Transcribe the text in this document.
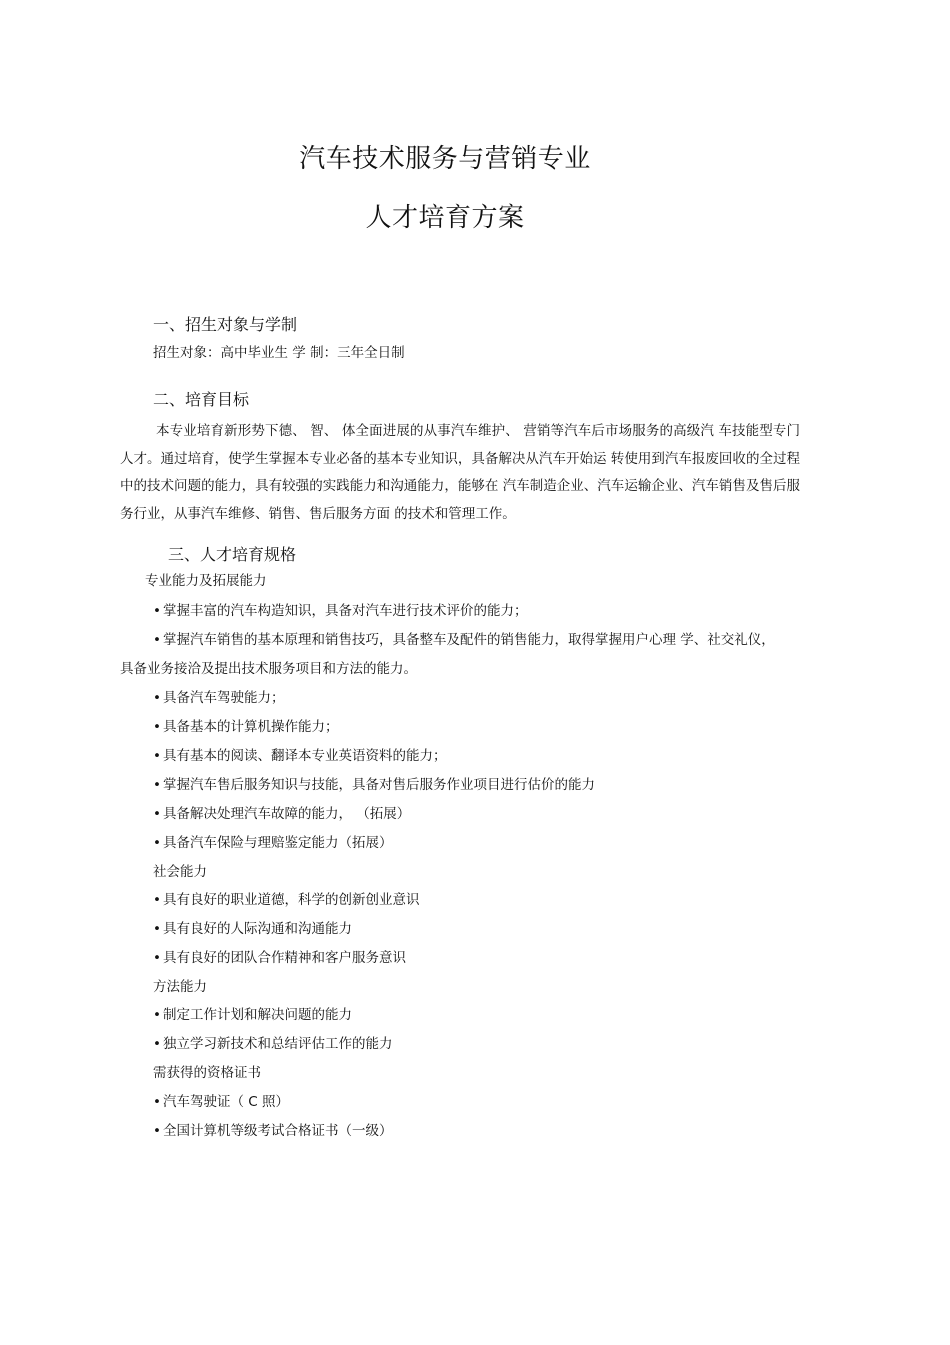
汽车技术服务与营销专业
人才培育方案
一、招生对象与学制
招生对象：高中毕业生 学 制：三年全日制
二、培育目标
本专业培育新形势下德、 智、 体全面进展的从事汽车维护、 营销等汽车后市场服务的高级汽 车技能型专门人才。通过培育，使学生掌握本专业必备的基本专业知识，具备解决从汽车开始运 转使用到汽车报废回收的全过程中的技术问题的能力，具有较强的实践能力和沟通能力，能够在 汽车制造企业、汽车运输企业、汽车销售及售后服务行业，从事汽车维修、销售、售后服务方面 的技术和管理工作。
三、人才培育规格
专业能力及拓展能力
• 掌握丰富的汽车构造知识，具备对汽车进行技术评价的能力；
• 掌握汽车销售的基本原理和销售技巧，具备整车及配件的销售能力，取得掌握用户心理 学、社交礼仪，
具备业务接洽及提出技术服务项目和方法的能力。
• 具备汽车驾驶能力；
• 具备基本的计算机操作能力；
• 具有基本的阅读、翻译本专业英语资料的能力；
• 掌握汽车售后服务知识与技能，具备对售后服务作业项目进行估价的能力
• 具备解决处理汽车故障的能力， （拓展）
• 具备汽车保险与理赔鉴定能力（拓展）
社会能力
• 具有良好的职业道德，科学的创新创业意识
• 具有良好的人际沟通和沟通能力
• 具有良好的团队合作精神和客户服务意识
方法能力
• 制定工作计划和解决问题的能力
• 独立学习新技术和总结评估工作的能力
需获得的资格证书
• 汽车驾驶证（ C 照）
• 全国计算机等级考试合格证书（一级）
